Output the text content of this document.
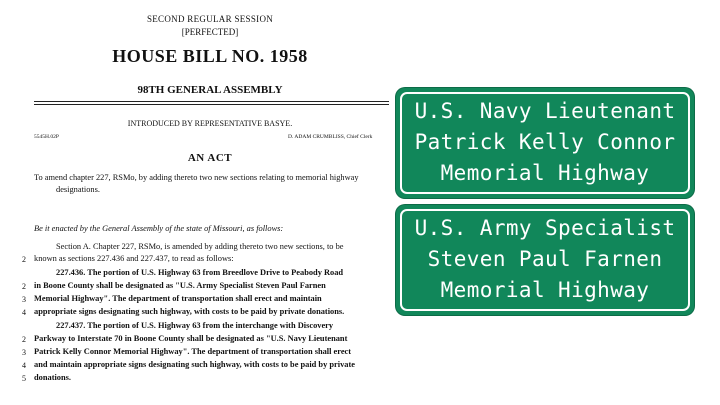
SECOND REGULAR SESSION
[PERFECTED]
HOUSE BILL NO. 1958
98TH GENERAL ASSEMBLY
INTRODUCED BY REPRESENTATIVE BASYE.
5545H.02P	D. ADAM CRUMBLISS, Chief Clerk
AN ACT
To amend chapter 227, RSMo, by adding thereto two new sections relating to memorial highway
designations.
Be it enacted by the General Assembly of the state of Missouri, as follows:
Section A. Chapter 227, RSMo, is amended by adding thereto two new sections, to be
2 known as sections 227.436 and 227.437, to read as follows:
227.436. The portion of U.S. Highway 63 from Breedlove Drive to Peabody Road
2 in Boone County shall be designated as "U.S. Army Specialist Steven Paul Farnen
3 Memorial Highway". The department of transportation shall erect and maintain
4 appropriate signs designating such highway, with costs to be paid by private donations.
227.437. The portion of U.S. Highway 63 from the interchange with Discovery
2 Parkway to Interstate 70 in Boone County shall be designated as "U.S. Navy Lieutenant
3 Patrick Kelly Connor Memorial Highway". The department of transportation shall erect
4 and maintain appropriate signs designating such highway, with costs to be paid by private
5 donations.
U.S. Navy Lieutenant
Patrick Kelly Connor
Memorial Highway
U.S. Army Specialist
Steven Paul Farnen
Memorial Highway
